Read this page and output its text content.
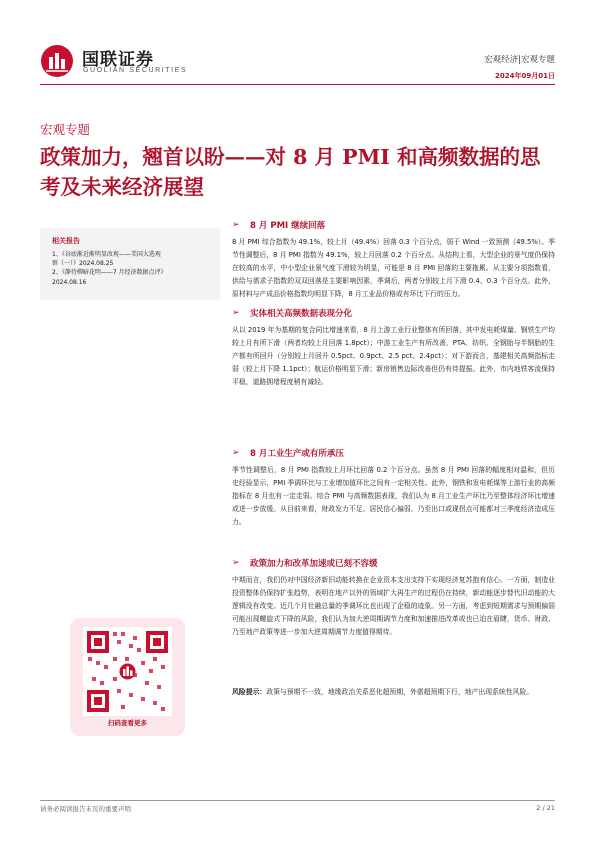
国联证券
GUOLIAN SECURITIES
宏观经济|宏观专题
2024年09月01日
宏观专题
政策加力，翘首以盼——对 8 月 PMI 和高频数据的思考及未来经济展望
相关报告
1、《谷底渐近渐明显改观——美国大选观
察（一）》2024.08.25
2、《静待柳暗花明——7 月经济数据点评》
2024.08.16
扫码查看更多
➢ 8 月 PMI 继续回落
8 月 PMI 综合指数为 49.1%，较上月（49.4%）回落 0.3 个百分点，弱于 Wind 一致预测（49.5%）。季节性调整后，8 月 PMI 指数为 49.1%，较上月回落 0.2 个百分点。从结构上看，大型企业的景气度仍保持在较高的水平，中小型企业景气度下滑较为明显，可能是 8 月 PMI 回落的主要拖累。从主要分项指数看，供给与需求子指数的双双回落是主要影响因素，季调后，两者分别较上月下滑 0.4、0.3 个百分点。此外，原材料与产成品价格指数均明显下降，8 月工业品价格或有环比下行的压力。
➢ 实体相关高频数据表现分化
从以 2019 年为基期的复合同比增速来看，8 月上游工业行业整体有所回落，其中发电耗煤量、钢铁生产均较上月有所下滑（两者均较上月回落 1.8pct）；中游工业生产有所改善，PTA、纺织、全钢胎与半钢胎的生产都有所回升（分别较上月回升 0.5pct、0.9pct、2.5 pct、2.4pct）；对下游而言，基建相关高频指标走弱（较上月下降 1.1pct）；航运价格明显下滑；新房销售边际改善但仍有待提振。此外，市内地铁客流保持平稳，道路拥堵程度稍有减轻。
➢ 8 月工业生产或有所承压
季节性调整后，8 月 PMI 指数较上月环比回落 0.2 个百分点。虽然 8 月 PMI 回落的幅度相对温和，但历史经验显示，PMI 季调环比与工业增加值环比之间有一定相关性。此外，钢铁和发电耗煤等上游行业的高频指标在 8 月也有一定走弱。综合 PMI 与高频数据表现，我们认为 8 月工业生产环比乃至整体经济环比增速或进一步放缓。从目前来看，财政发力不足、居民信心偏弱、乃至出口或现拐点可能都对三季度经济造成压力。
➢ 政策加力和改革加速或已刻不容缓
中期而言，我们仍对中国经济新旧动能转换在企业资本支出支持下实现经济复苏抱有信心。一方面，制造业投资整体仍保持扩张趋势，表明在地产以外的领域扩大再生产的过程仍在持续，新动能逐步替代旧动能的大逻辑没有改变。近几个月社融总量的季调环比也出现了企稳的迹象。另一方面，考虑到短期需求与预期偏弱可能出现螺旋式下降的风险，我们认为加大逆周期调节力度和加速推进改革或也已迫在眉睫，货币、财政、乃至地产政策等进一步加大逆周期调节力度值得期待。
风险提示：政策与预期不一致，地缘政治关系恶化超预期，外需超预期下行，地产出现系统性风险。
请务必阅读报告末页的重要声明	2 / 21
